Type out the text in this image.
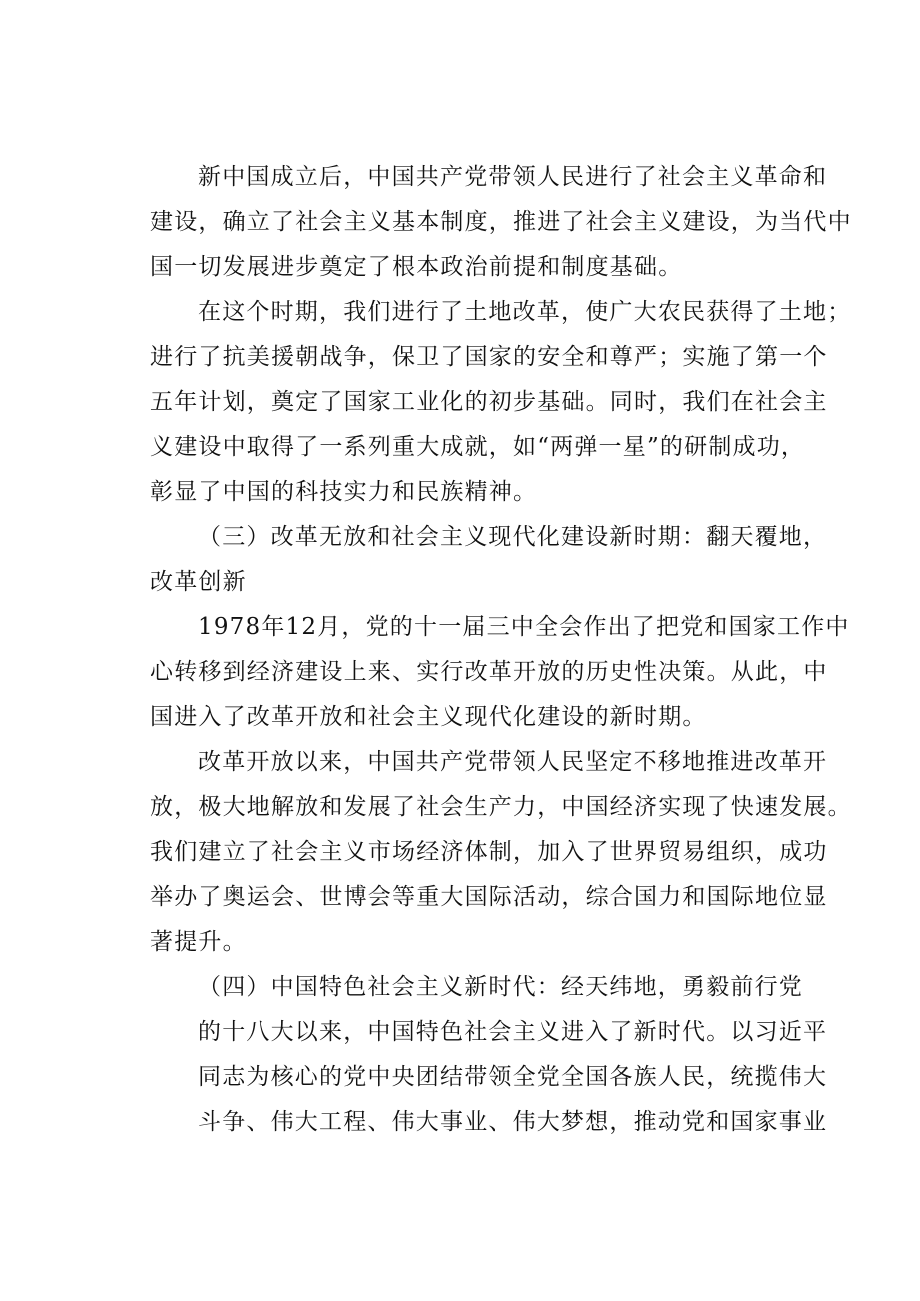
新中国成立后，中国共产党带领人民进行了社会主义革命和
建设，确立了社会主义基本制度，推进了社会主义建设，为当代中
国一切发展进步奠定了根本政治前提和制度基础。
在这个时期，我们进行了土地改革，使广大农民获得了土地；
进行了抗美援朝战争，保卫了国家的安全和尊严；实施了第一个
五年计划，奠定了国家工业化的初步基础。同时，我们在社会主
义建设中取得了一系列重大成就，如“两弹一星”的研制成功，
彰显了中国的科技实力和民族精神。
（三）改革无放和社会主义现代化建设新时期：翻天覆地，
改革创新
1978年12月，党的十一届三中全会作出了把党和国家工作中
心转移到经济建设上来、实行改革开放的历史性决策。从此，中
国进入了改革开放和社会主义现代化建设的新时期。
改革开放以来，中国共产党带领人民坚定不移地推进改革开
放，极大地解放和发展了社会生产力，中国经济实现了快速发展。
我们建立了社会主义市场经济体制，加入了世界贸易组织，成功
举办了奥运会、世博会等重大国际活动，综合国力和国际地位显
著提升。
（四）中国特色社会主义新时代：经天纬地，勇毅前行党
的十八大以来，中国特色社会主义进入了新时代。以习近平
同志为核心的党中央团结带领全党全国各族人民，统揽伟大
斗争、伟大工程、伟大事业、伟大梦想，推动党和国家事业
